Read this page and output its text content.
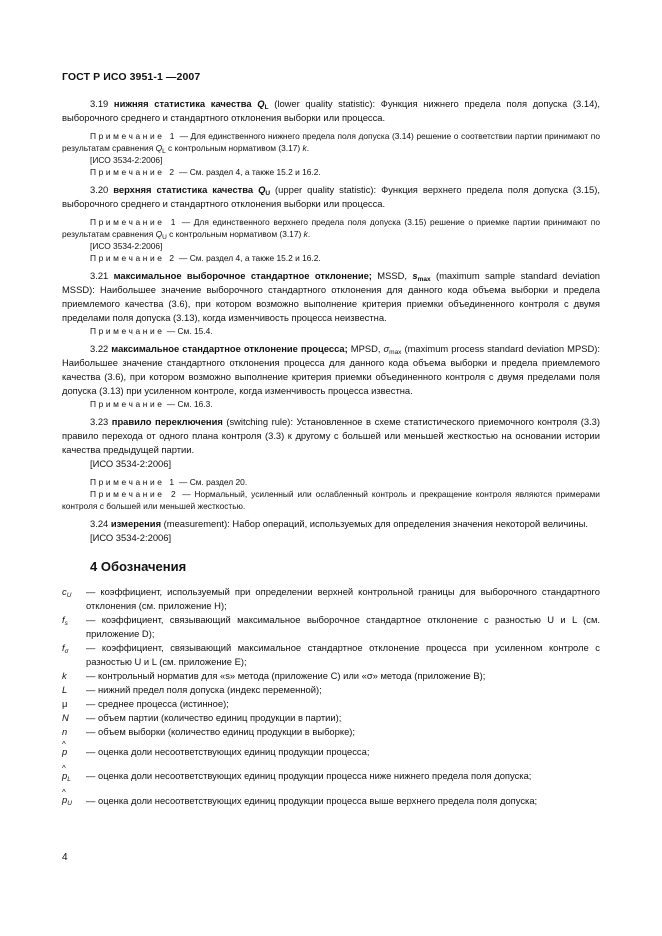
ГОСТ Р ИСО 3951-1 —2007

3.19 нижняя статистика качества $Q_L$ (lower quality statistic): Функция нижнего предела поля допуска (3.14), выборочного среднего и стандартного отклонения выборки или процесса.

Примечание 1 — Для единственного нижнего предела поля допуска (3.14) решение о соответствии партии принимают по результатам сравнения $Q_L$ с контрольным нормативом (3.17) k.

[ИСО 3534-2:2006]

Примечание 2 — См. раздел 4, а также 15.2 и 16.2.

3.20 верхняя статистика качества $Q_U$ (upper quality statistic): Функция верхнего предела поля допуска (3.15), выборочного среднего и стандартного отклонения выборки или процесса.

Примечание 1 — Для единственного верхнего предела поля допуска (3.15) решение о приемке партии принимают по результатам сравнения $Q_U$ с контрольным нормативом (3.17) k.

[ИСО 3534-2:2006]

Примечание 2 — См. раздел 4, а также 15.2 и 16.2.

3.21 максимальное выборочное стандартное отклонение; MSSD, $s_{max}$ (maximum sample standard deviation MSSD): Наибольшее значение выборочного стандартного отклонения для данного кода объема выборки и предела приемлемого качества (3.6), при котором возможно выполнение критерия приемки объединенного контроля с двумя пределами поля допуска (3.13), когда изменчивость процесса неизвестна.

Примечание — См. 15.4.

3.22 максимальное стандартное отклонение процесса; MPSD, $\sigma_{max}$ (maximum process standard deviation MPSD): Наибольшее значение стандартного отклонения процесса для данного кода объема выборки и предела приемлемого качества (3.6), при котором возможно выполнение критерия приемки объединенного контроля с двумя пределами поля допуска (3.13) при усиленном контроле, когда изменчивость процесса известна.

Примечание — См. 16.3.

3.23 правило переключения (switching rule): Установленное в схеме статистического приемочного контроля (3.3) правило перехода от одного плана контроля (3.3) к другому с большей или меньшей жесткостью на основании истории качества предыдущей партии.

[ИСО 3534-2:2006]

Примечание 1 — См. раздел 20.

Примечание 2 — Нормальный, усиленный или ослабленный контроль и прекращение контроля являются примерами контроля с большей или меньшей жесткостью.

3.24 измерения (measurement): Набор операций, используемых для определения значения некоторой величины.

[ИСО 3534-2:2006]

4 Обозначения
$c_U$	— коэффициент, используемый при определении верхней контрольной границы для выборочного стандартного отклонения (см. приложение H);
$f_s$	— коэффициент, связывающий максимальное выборочное стандартное отклонение с разностью U и L (см. приложение D);
$f_\sigma$	— коэффициент, связывающий максимальное стандартное отклонение процесса при усиленном контроле с разностью U и L (см. приложение E);
k	— контрольный норматив для «s» метода (приложение C) или «σ» метода (приложение B);
L	— нижний предел поля допуска (индекс переменной);
μ	— среднее процесса (истинное);
N	— объем партии (количество единиц продукции в партии);
n	— объем выборки (количество единиц продукции в выборке);
^ p	— оценка доли несоответствующих единиц продукции процесса;
^ $p_L$	— оценка доли несоответствующих единиц продукции процесса ниже нижнего предела поля допуска;
^ $p_U$	— оценка доли несоответствующих единиц продукции процесса выше верхнего предела поля допуска;
4
